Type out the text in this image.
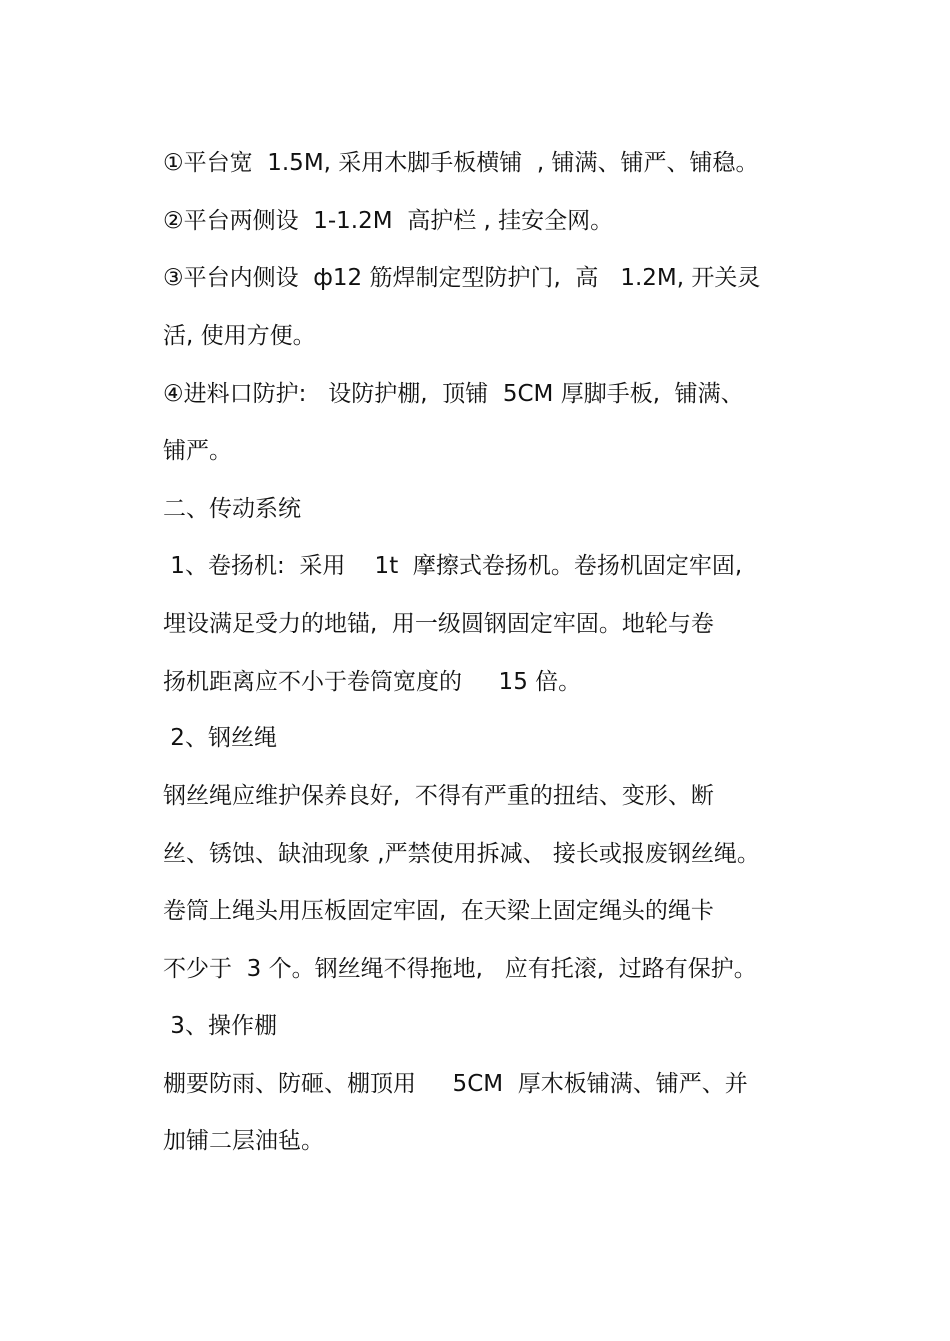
①平台宽  1.5M, 采用木脚手板横铺  , 铺满、铺严、铺稳。
②平台两侧设  1-1.2M  高护栏 , 挂安全网。
③平台内侧设  ф12 筋焊制定型防护门,  高   1.2M, 开关灵
活, 使用方便。
④进料口防护:   设防护棚,  顶铺  5CM 厚脚手板,  铺满、
铺严。
二、传动系统
1、卷扬机:  采用    1t  摩擦式卷扬机。卷扬机固定牢固,
埋设满足受力的地锚,  用一级圆钢固定牢固。地轮与卷
扬机距离应不小于卷筒宽度的     15 倍。
2、钢丝绳
钢丝绳应维护保养良好,  不得有严重的扭结、变形、断
丝、锈蚀、缺油现象 ,严禁使用拆减、 接长或报废钢丝绳。
卷筒上绳头用压板固定牢固,  在天梁上固定绳头的绳卡
不少于  3 个。钢丝绳不得拖地,   应有托滚,  过路有保护。
3、操作棚
棚要防雨、防砸、棚顶用     5CM  厚木板铺满、铺严、并
加铺二层油毡。
